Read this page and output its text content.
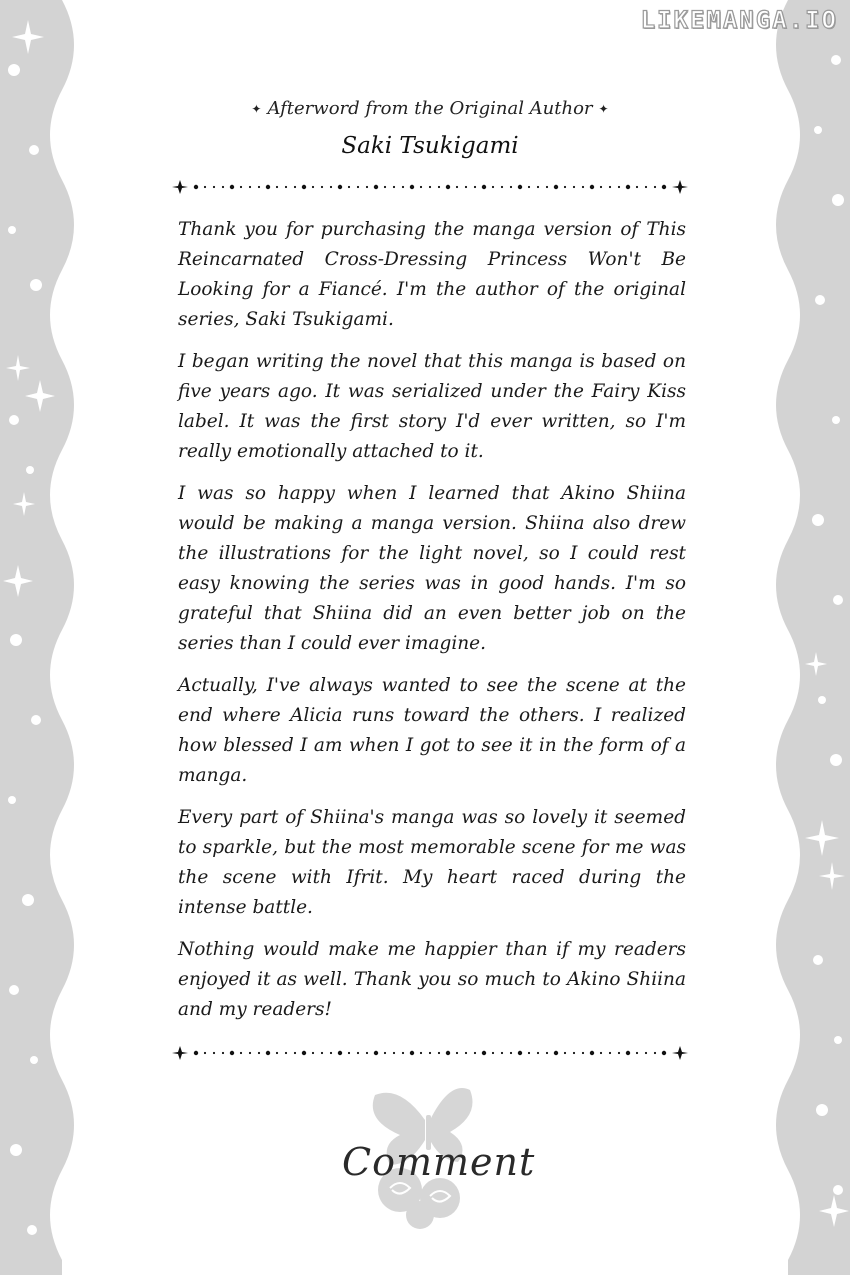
LIKEMANGA.IO
✦ Afterword from the Original Author ✦
Saki Tsukigami

Thank you for purchasing the manga version of This Reincarnated Cross-Dressing Princess Won't Be Looking for a Fiancé. I'm the author of the original series, Saki Tsukigami.

I began writing the novel that this manga is based on five years ago. It was serialized under the Fairy Kiss label. It was the first story I'd ever written, so I'm really emotionally attached to it.

I was so happy when I learned that Akino Shiina would be making a manga version. Shiina also drew the illustrations for the light novel, so I could rest easy knowing the series was in good hands. I'm so grateful that Shiina did an even better job on the series than I could ever imagine.

Actually, I've always wanted to see the scene at the end where Alicia runs toward the others. I realized how blessed I am when I got to see it in the form of a manga.

Every part of Shiina's manga was so lovely it seemed to sparkle, but the most memorable scene for me was the scene with Ifrit. My heart raced during the intense battle.

Nothing would make me happier than if my readers enjoyed it as well. Thank you so much to Akino Shiina and my readers!

Comment
